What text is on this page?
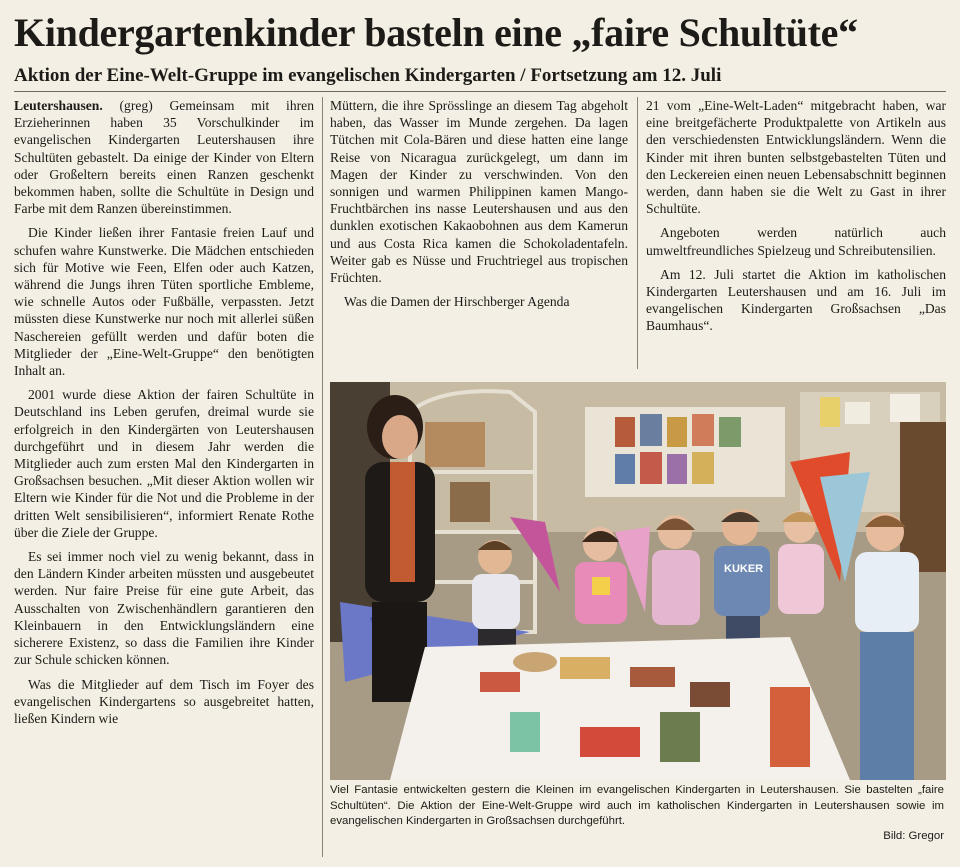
Kindergartenkinder basteln eine „faire Schultüte“
Aktion der Eine-Welt-Gruppe im evangelischen Kindergarten / Fortsetzung am 12. Juli

Leutershausen. (greg) Gemeinsam mit ihren Erzieherinnen haben 35 Vorschulkinder im evangelischen Kindergarten Leutershausen ihre Schultüten gebastelt. Da einige der Kinder von Eltern oder Großeltern bereits einen Ranzen geschenkt bekommen haben, sollte die Schultüte in Design und Farbe mit dem Ranzen übereinstimmen.

Die Kinder ließen ihrer Fantasie freien Lauf und schufen wahre Kunstwerke. Die Mädchen entschieden sich für Motive wie Feen, Elfen oder auch Katzen, während die Jungs ihren Tüten sportliche Embleme, wie schnelle Autos oder Fußbälle, verpassten. Jetzt müssten diese Kunstwerke nur noch mit allerlei süßen Naschereien gefüllt werden und dafür boten die Mitglieder der „Eine-Welt-Gruppe“ den benötigten Inhalt an.

2001 wurde diese Aktion der fairen Schultüte in Deutschland ins Leben gerufen, dreimal wurde sie erfolgreich in den Kindergärten von Leutershausen durchgeführt und in diesem Jahr werden die Mitglieder auch zum ersten Mal den Kindergarten in Großsachsen besuchen. „Mit dieser Aktion wollen wir Eltern wie Kinder für die Not und die Probleme in der dritten Welt sensibilisieren“, informiert Renate Rothe über die Ziele der Gruppe.

Es sei immer noch viel zu wenig bekannt, dass in den Ländern Kinder arbeiten müssten und ausgebeutet werden. Nur faire Preise für eine gute Arbeit, das Ausschalten von Zwischenhändlern garantieren den Kleinbauern in den Entwicklungsländern eine sicherere Existenz, so dass die Familien ihre Kinder zur Schule schicken können.

Was die Mitglieder auf dem Tisch im Foyer des evangelischen Kindergartens so ausgebreitet hatten, ließen Kindern wie

Müttern, die ihre Sprösslinge an diesem Tag abgeholt haben, das Wasser im Munde zergehen. Da lagen Tütchen mit Cola-Bären und diese hatten eine lange Reise von Nicaragua zurückgelegt, um dann im Magen der Kinder zu verschwinden. Von den sonnigen und warmen Philippinen kamen Mango-Fruchtbärchen ins nasse Leutershausen und aus den dunklen exotischen Kakaobohnen aus dem Kamerun und aus Costa Rica kamen die Schokoladentafeln. Weiter gab es Nüsse und Fruchtriegel aus tropischen Früchten.

Was die Damen der Hirschberger Agenda

21 vom „Eine-Welt-Laden“ mitgebracht haben, war eine breitgefächerte Produktpalette von Artikeln aus den verschiedensten Entwicklungsländern. Wenn die Kinder mit ihren bunten selbstgebastelten Tüten und den Leckereien einen neuen Lebensabschnitt beginnen werden, dann haben sie die Welt zu Gast in ihrer Schultüte.

Angeboten werden natürlich auch umweltfreundliches Spielzeug und Schreibutensilien.

Am 12. Juli startet die Aktion im katholischen Kindergarten Leutershausen und am 16. Juli im evangelischen Kindergarten Großsachsen „Das Baumhaus“.

KUKER
Viel Fantasie entwickelten gestern die Kleinen im evangelischen Kindergarten in Leutershausen. Sie bastelten „faire Schultüten“. Die Aktion der Eine-Welt-Gruppe wird auch im katholischen Kindergarten in Leutershausen sowie im evangelischen Kindergarten in Großsachsen durchgeführt.
Bild: Gregor
